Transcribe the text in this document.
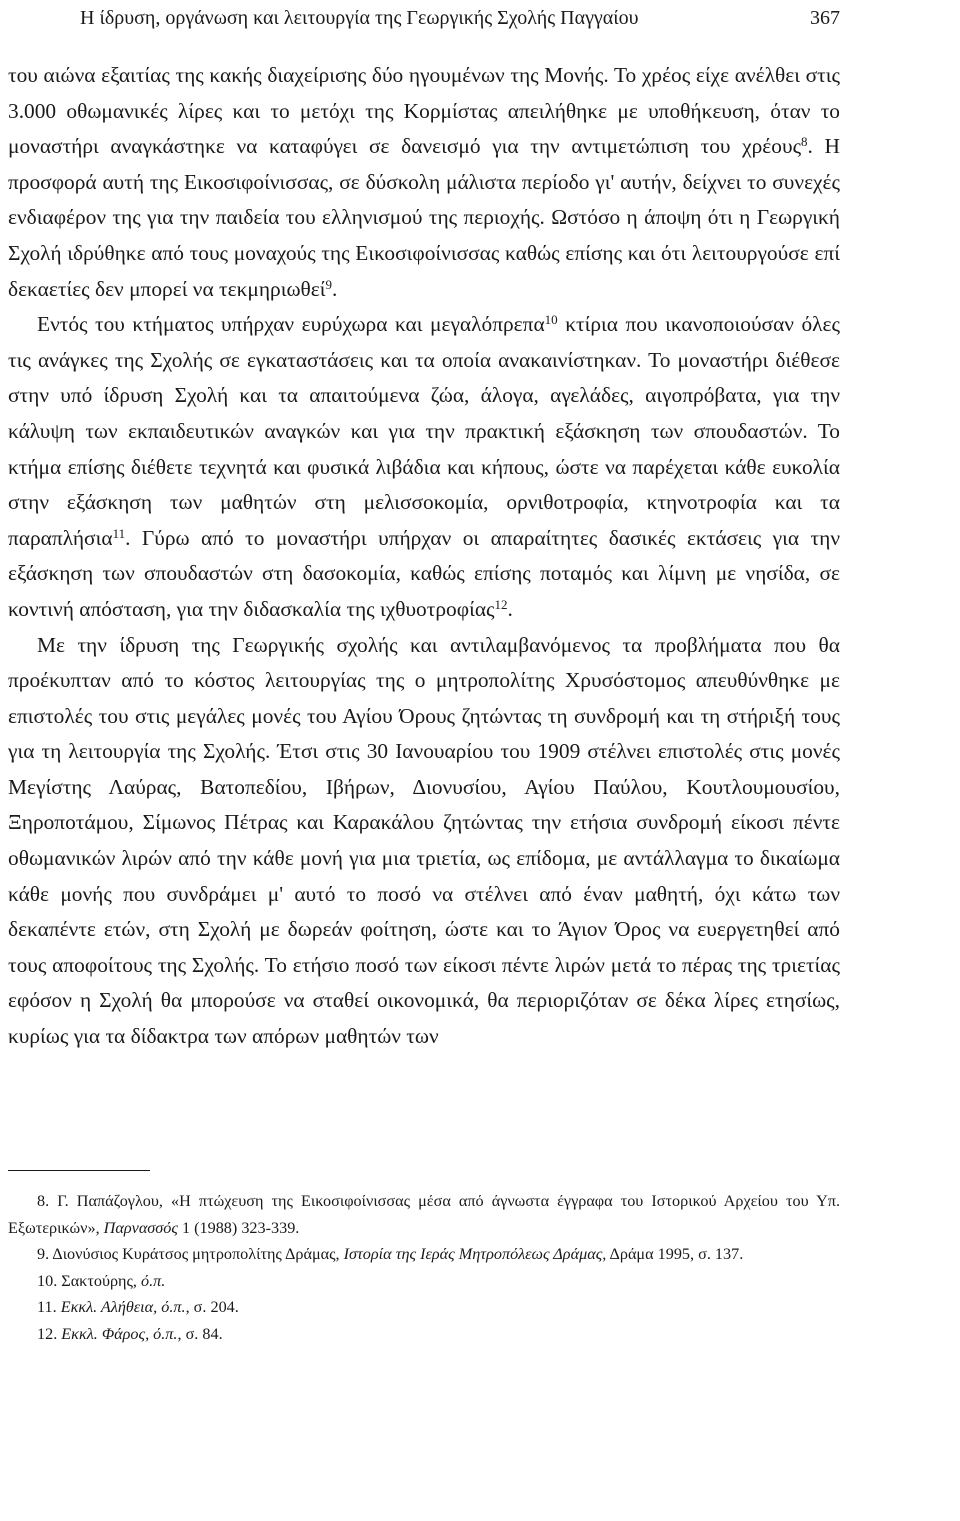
Η ίδρυση, οργάνωση και λειτουργία της Γεωργικής Σχολής Παγγαίου	367

του αιώνα εξαιτίας της κακής διαχείρισης δύο ηγουμένων της Μονής. Το χρέος είχε ανέλθει στις 3.000 οθωμανικές λίρες και το μετόχι της Κορμίστας απειλήθηκε με υποθήκευση, όταν το μοναστήρι αναγκάστηκε να καταφύγει σε δανεισμό για την αντιμετώπιση του χρέους$^8$. Η προσφορά αυτή της Εικοσιφοίνισσας, σε δύσκολη μάλιστα περίοδο γι' αυτήν, δείχνει το συνεχές ενδιαφέρον της για την παιδεία του ελληνισμού της περιοχής. Ωστόσο η άποψη ότι η Γεωργική Σχολή ιδρύθηκε από τους μοναχούς της Εικοσιφοίνισσας καθώς επίσης και ότι λειτουργούσε επί δεκαετίες δεν μπορεί να τεκμηριωθεί$^9$.

Εντός του κτήματος υπήρχαν ευρύχωρα και μεγαλόπρεπα$^{10}$ κτίρια που ικανοποιούσαν όλες τις ανάγκες της Σχολής σε εγκαταστάσεις και τα οποία ανακαινίστηκαν. Το μοναστήρι διέθεσε στην υπό ίδρυση Σχολή και τα απαιτούμενα ζώα, άλογα, αγελάδες, αιγοπρόβατα, για την κάλυψη των εκπαιδευτικών αναγκών και για την πρακτική εξάσκηση των σπουδαστών. Το κτήμα επίσης διέθετε τεχνητά και φυσικά λιβάδια και κήπους, ώστε να παρέχεται κάθε ευκολία στην εξάσκηση των μαθητών στη μελισσοκομία, ορνιθοτροφία, κτηνοτροφία και τα παραπλήσια$^{11}$. Γύρω από το μοναστήρι υπήρχαν οι απαραίτητες δασικές εκτάσεις για την εξάσκηση των σπουδαστών στη δασοκομία, καθώς επίσης ποταμός και λίμνη με νησίδα, σε κοντινή απόσταση, για την διδασκαλία της ιχθυοτροφίας$^{12}$.

Με την ίδρυση της Γεωργικής σχολής και αντιλαμβανόμενος τα προβλήματα που θα προέκυπταν από το κόστος λειτουργίας της ο μητροπολίτης Χρυσόστομος απευθύνθηκε με επιστολές του στις μεγάλες μονές του Αγίου Όρους ζητώντας τη συνδρομή και τη στήριξή τους για τη λειτουργία της Σχολής. Έτσι στις 30 Ιανουαρίου του 1909 στέλνει επιστολές στις μονές Μεγίστης Λαύρας, Βατοπεδίου, Ιβήρων, Διονυσίου, Αγίου Παύλου, Κουτλουμουσίου, Ξηροποτάμου, Σίμωνος Πέτρας και Καρακάλου ζητώντας την ετήσια συνδρομή είκοσι πέντε οθωμανικών λιρών από την κάθε μονή για μια τριετία, ως επίδομα, με αντάλλαγμα το δικαίωμα κάθε μονής που συνδράμει μ' αυτό το ποσό να στέλνει από έναν μαθητή, όχι κάτω των δεκαπέντε ετών, στη Σχολή με δωρεάν φοίτηση, ώστε και το Άγιον Όρος να ευεργετηθεί από τους αποφοίτους της Σχολής. Το ετήσιο ποσό των είκοσι πέντε λιρών μετά το πέρας της τριετίας εφόσον η Σχολή θα μπορούσε να σταθεί οικονομικά, θα περιοριζόταν σε δέκα λίρες ετησίως, κυρίως για τα δίδακτρα των απόρων μαθητών των

8. Γ. Παπάζογλου, «Η πτώχευση της Εικοσιφοίνισσας μέσα από άγνωστα έγγραφα του Ιστορικού Αρχείου του Υπ. Εξωτερικών», Παρνασσός 1 (1988) 323-339.

9. Διονύσιος Κυράτσος μητροπολίτης Δράμας, Ιστορία της Ιεράς Μητροπόλεως Δράμας, Δράμα 1995, σ. 137.

10. Σακτούρης, ό.π.

11. Εκκλ. Αλήθεια, ό.π., σ. 204.

12. Εκκλ. Φάρος, ό.π., σ. 84.
